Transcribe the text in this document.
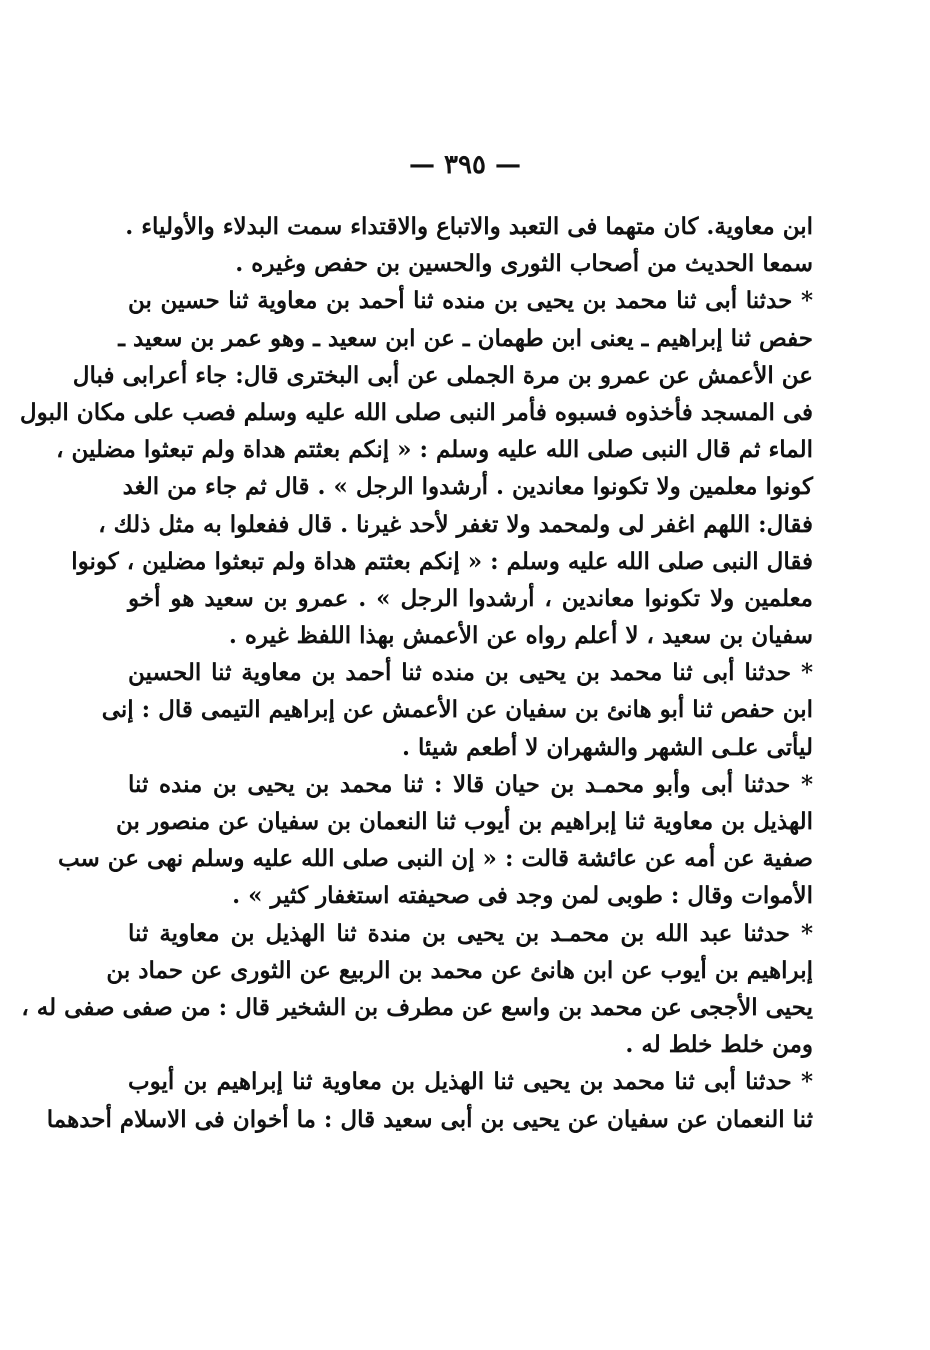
— ٣٩٥ —
ابن معاوية. كان متهما فى التعبد والاتباع والاقتداء سمت البدلاء والأولياء .
سمعا الحديث من أصحاب الثورى والحسين بن حفص وغيره .
* حدثنا أبى ثنا محمد بن يحيى بن منده ثنا أحمد بن معاوية ثنا حسين بن
حفص ثنا إبراهيم ـ يعنى ابن طهمان ـ عن ابن سعيد ـ وهو عمر بن سعيد ـ
عن الأعمش عن عمرو بن مرة الجملى عن أبى البخترى قال: جاء أعرابى فبال
فى المسجد فأخذوه فسبوه فأمر النبى صلى الله عليه وسلم فصب على مكان البول
الماء ثم قال النبى صلى الله عليه وسلم : « إنكم بعثتم هداة ولم تبعثوا مضلين ،
كونوا معلمين ولا تكونوا معاندين . أرشدوا الرجل » . قال ثم جاء من الغد
فقال: اللهم اغفر لى ولمحمد ولا تغفر لأحد غيرنا . قال ففعلوا به مثل ذلك ،
فقال النبى صلى الله عليه وسلم : « إنكم بعثتم هداة ولم تبعثوا مضلين ، كونوا
معلمين ولا تكونوا معاندين ، أرشدوا الرجل » . عمرو بن سعيد هو أخو
سفيان بن سعيد ، لا أعلم رواه عن الأعمش بهذا اللفظ غيره .
* حدثنا أبى ثنا محمد بن يحيى بن منده ثنا أحمد بن معاوية ثنا الحسين
ابن حفص ثنا أبو هانئ بن سفيان عن الأعمش عن إبراهيم التيمى قال : إنى
ليأتى علـى الشهر والشهران لا أطعم شيئا .
* حدثنا أبى وأبو محمـد بن حيان قالا : ثنا محمد بن يحيى بن منده ثنا
الهذيل بن معاوية ثنا إبراهيم بن أيوب ثنا النعمان بن سفيان عن منصور بن
صفية عن أمه عن عائشة قالت : « إن النبى صلى الله عليه وسلم نهى عن سب
الأموات وقال : طوبى لمن وجد فى صحيفته استغفار كثير » .
* حدثنا عبد الله بن محمـد بن يحيى بن مندة ثنا الهذيل بن معاوية ثنا
إبراهيم بن أيوب عن ابن هانئ عن محمد بن الربيع عن الثورى عن حماد بن
يحيى الأججى عن محمد بن واسع عن مطرف بن الشخير قال : من صفى صفى له ،
ومن خلط خلط له .
* حدثنا أبى ثنا محمد بن يحيى ثنا الهذيل بن معاوية ثنا إبراهيم بن أيوب
ثنا النعمان عن سفيان عن يحيى بن أبى سعيد قال : ما أخوان فى الاسلام أحدهما
